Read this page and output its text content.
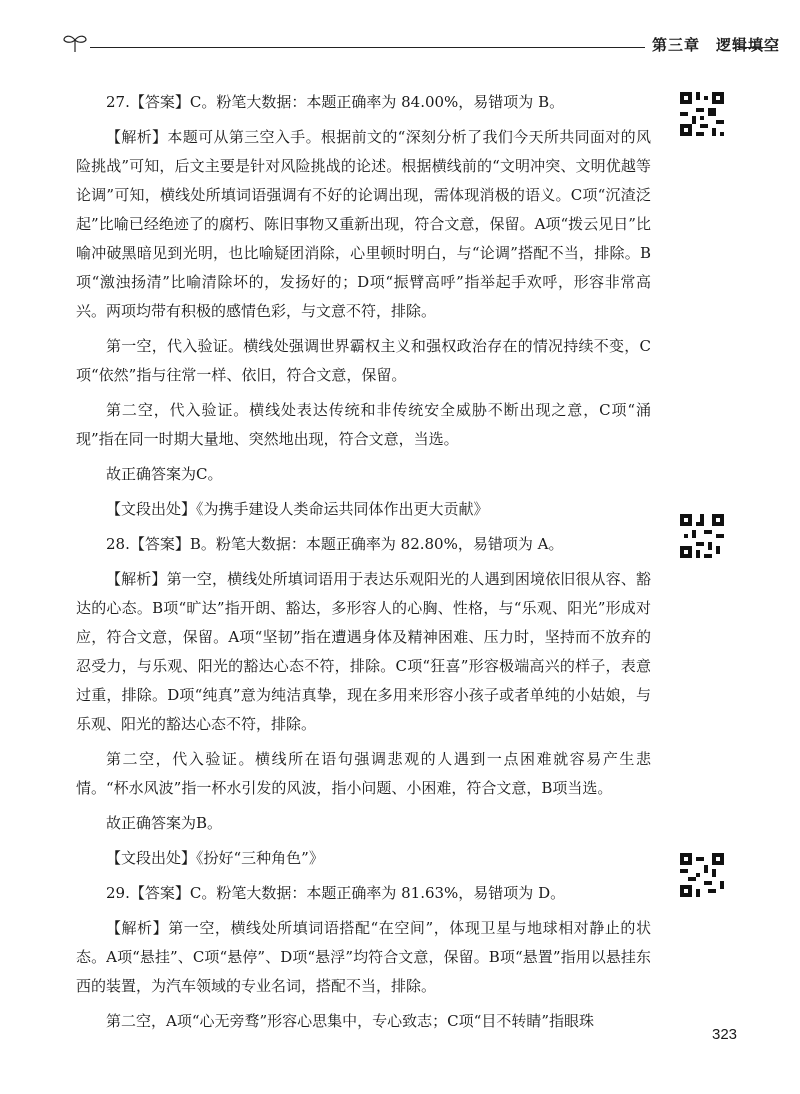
第三章　逻辑填空

27.【答案】C。粉笔大数据：本题正确率为 84.00%，易错项为 B。

【解析】本题可从第三空入手。根据前文的“深刻分析了我们今天所共同面对的风险挑战”可知，后文主要是针对风险挑战的论述。根据横线前的“文明冲突、文明优越等论调”可知，横线处所填词语强调有不好的论调出现，需体现消极的语义。C项“沉渣泛起”比喻已经绝迹了的腐朽、陈旧事物又重新出现，符合文意，保留。A项“拨云见日”比喻冲破黑暗见到光明，也比喻疑团消除，心里顿时明白，与“论调”搭配不当，排除。B项“激浊扬清”比喻清除坏的，发扬好的；D项“振臂高呼”指举起手欢呼，形容非常高兴。两项均带有积极的感情色彩，与文意不符，排除。

第一空，代入验证。横线处强调世界霸权主义和强权政治存在的情况持续不变，C项“依然”指与往常一样、依旧，符合文意，保留。

第二空，代入验证。横线处表达传统和非传统安全威胁不断出现之意，C项“涌现”指在同一时期大量地、突然地出现，符合文意，当选。

故正确答案为C。

【文段出处】《为携手建设人类命运共同体作出更大贡献》

28.【答案】B。粉笔大数据：本题正确率为 82.80%，易错项为 A。

【解析】第一空，横线处所填词语用于表达乐观阳光的人遇到困境依旧很从容、豁达的心态。B项“旷达”指开朗、豁达，多形容人的心胸、性格，与“乐观、阳光”形成对应，符合文意，保留。A项“坚韧”指在遭遇身体及精神困难、压力时，坚持而不放弃的忍受力，与乐观、阳光的豁达心态不符，排除。C项“狂喜”形容极端高兴的样子，表意过重，排除。D项“纯真”意为纯洁真挚，现在多用来形容小孩子或者单纯的小姑娘，与乐观、阳光的豁达心态不符，排除。

第二空，代入验证。横线所在语句强调悲观的人遇到一点困难就容易产生悲情。“杯水风波”指一杯水引发的风波，指小问题、小困难，符合文意，B项当选。

故正确答案为B。

【文段出处】《扮好“三种角色”》

29.【答案】C。粉笔大数据：本题正确率为 81.63%，易错项为 D。

【解析】第一空，横线处所填词语搭配“在空间”，体现卫星与地球相对静止的状态。A项“悬挂”、C项“悬停”、D项“悬浮”均符合文意，保留。B项“悬置”指用以悬挂东西的装置，为汽车领域的专业名词，搭配不当，排除。

第二空，A项“心无旁骛”形容心思集中，专心致志；C项“目不转睛”指眼珠

323
